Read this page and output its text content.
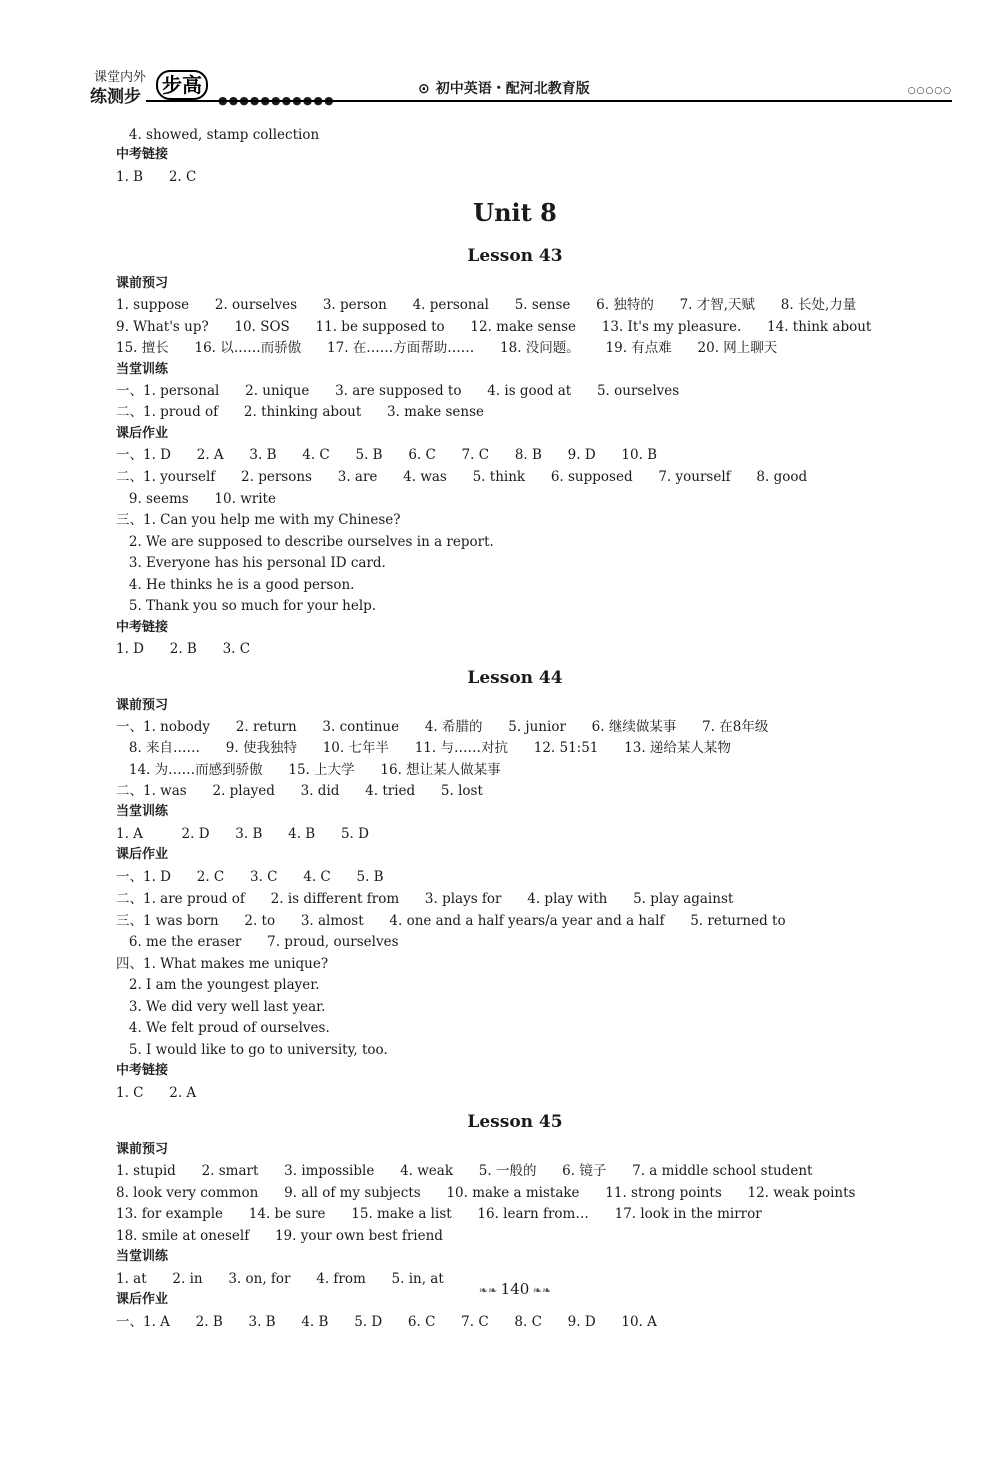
课堂内外
练测步	步高
●●●●●●●●●●●
⊙ 初中英语・配河北教育版	○○○○○
4. showed, stamp collection
中考链接
1. B      2. C
Unit 8
Lesson 43
课前预习
1. suppose      2. ourselves      3. person      4. personal      5. sense      6. 独特的      7. 才智,天赋      8. 长处,力量
9. What's up?      10. SOS      11. be supposed to      12. make sense      13. It's my pleasure.      14. think about
15. 擅长      16. 以……而骄傲      17. 在……方面帮助……      18. 没问题。      19. 有点难      20. 网上聊天
当堂训练
一、1. personal      2. unique      3. are supposed to      4. is good at      5. ourselves
二、1. proud of      2. thinking about      3. make sense
课后作业
一、1. D      2. A      3. B      4. C      5. B      6. C      7. C      8. B      9. D      10. B
二、1. yourself      2. persons      3. are      4. was      5. think      6. supposed      7. yourself      8. good
9. seems      10. write
三、1. Can you help me with my Chinese?
2. We are supposed to describe ourselves in a report.
3. Everyone has his personal ID card.
4. He thinks he is a good person.
5. Thank you so much for your help.
中考链接
1. D      2. B      3. C
Lesson 44
课前预习
一、1. nobody      2. return      3. continue      4. 希腊的      5. junior      6. 继续做某事      7. 在8年级
8. 来自……      9. 使我独特      10. 七年半      11. 与……对抗      12. 51:51      13. 递给某人某物
14. 为……而感到骄傲      15. 上大学      16. 想让某人做某事
二、1. was      2. played      3. did      4. tried      5. lost
当堂训练
1. A         2. D      3. B      4. B      5. D
课后作业
一、1. D      2. C      3. C      4. C      5. B
二、1. are proud of      2. is different from      3. plays for      4. play with      5. play against
三、1 was born      2. to      3. almost      4. one and a half years/a year and a half      5. returned to
6. me the eraser      7. proud, ourselves
四、1. What makes me unique?
2. I am the youngest player.
3. We did very well last year.
4. We felt proud of ourselves.
5. I would like to go to university, too.
中考链接
1. C      2. A
Lesson 45
课前预习
1. stupid      2. smart      3. impossible      4. weak      5. 一般的      6. 镜子      7. a middle school student
8. look very common      9. all of my subjects      10. make a mistake      11. strong points      12. weak points
13. for example      14. be sure      15. make a list      16. learn from…      17. look in the mirror
18. smile at oneself      19. your own best friend
当堂训练
1. at      2. in      3. on, for      4. from      5. in, at
课后作业
一、1. A      2. B      3. B      4. B      5. D      6. C      7. C      8. C      9. D      10. A
❧❧ 140 ❧❧
